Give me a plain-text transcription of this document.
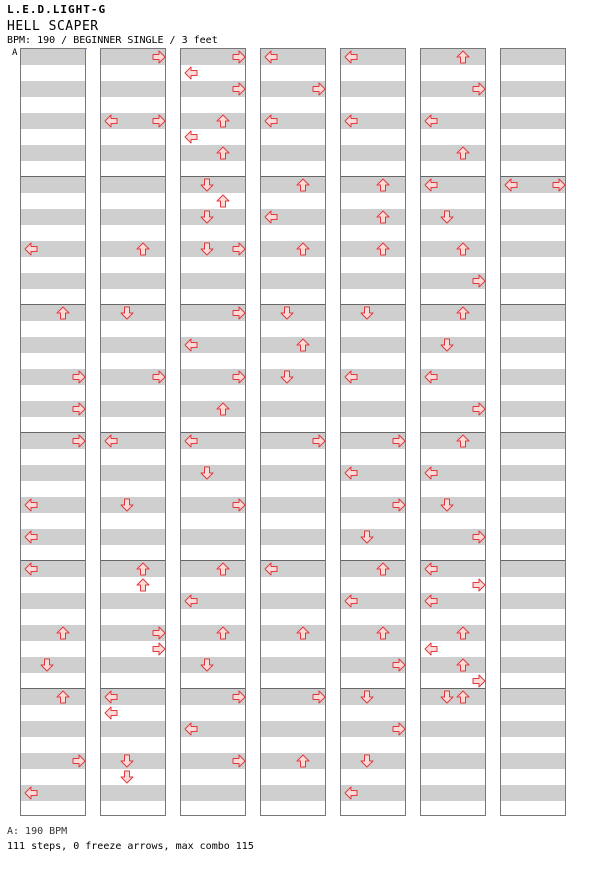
L.E.D.LIGHT-G
HELL SCAPER
BPM: 190 / BEGINNER SINGLE / 3 feet
A
A: 190 BPM
111 steps, 0 freeze arrows, max combo 115
